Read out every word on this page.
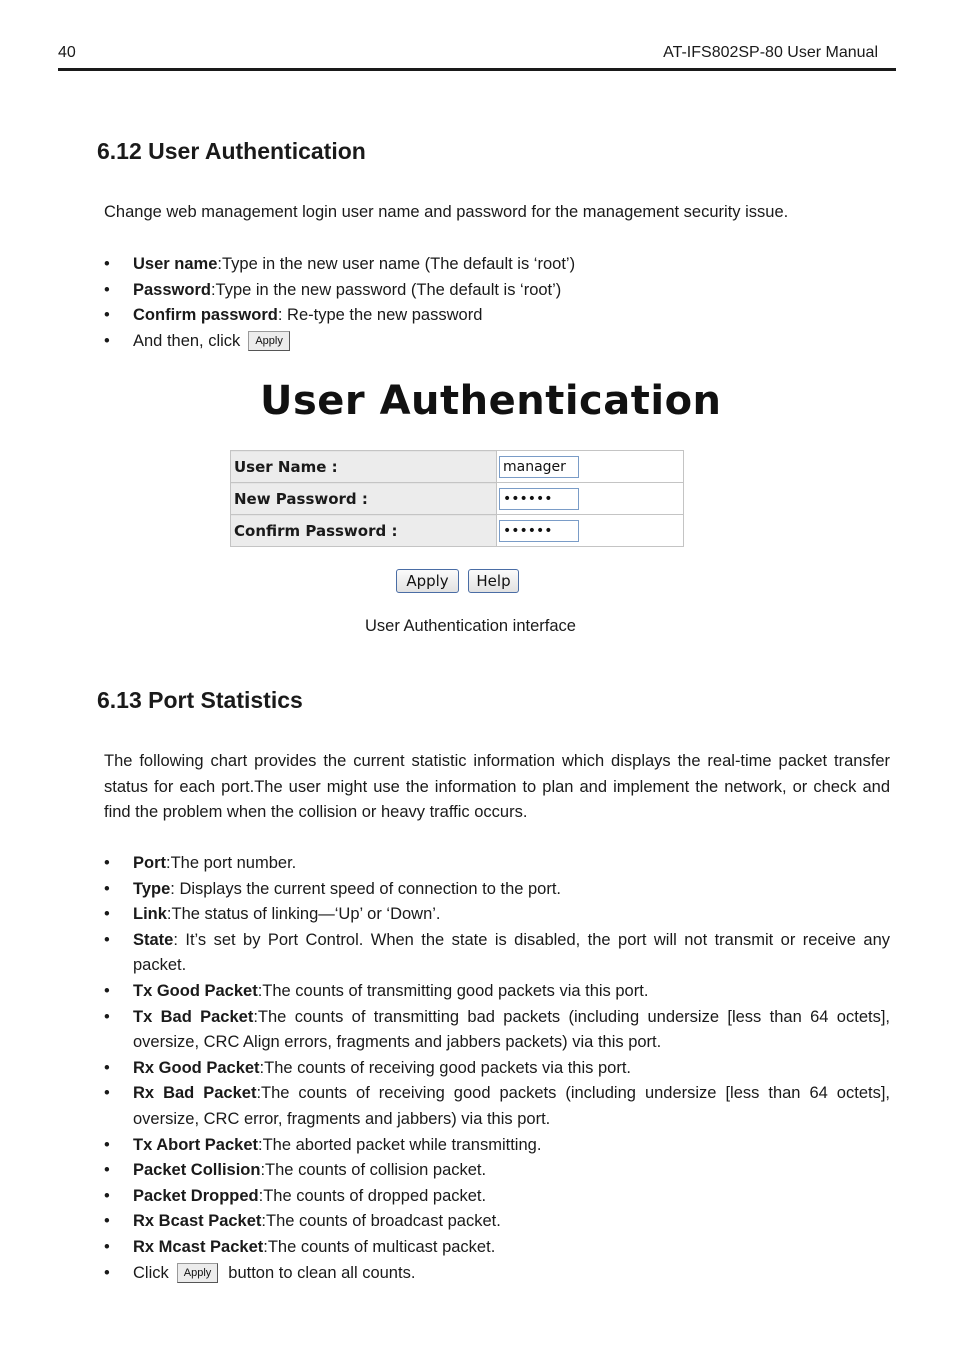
40	AT-IFS802SP-80 User Manual
6.12 User Authentication

Change web management login user name and password for the management security issue.

• User name:Type in the new user name (The default is ‘root’)
• Password:Type in the new password (The default is ‘root’)
• Confirm password: Re-type the new password
• And then, click Apply
User Authentication
User Name :	manager
New Password :	••••••
Confirm Password :	••••••
Apply	Help

User Authentication interface

6.13 Port Statistics

The following chart provides the current statistic information which displays the real-time packet transfer status for each port.The user might use the information to plan and implement the network, or check and find the problem when the collision or heavy traffic occurs.

• Port:The port number.
• Type: Displays the current speed of connection to the port.
• Link:The status of linking—‘Up’ or ‘Down’.
• State: It’s set by Port Control. When the state is disabled, the port will not transmit or receive any packet.
• Tx Good Packet:The counts of transmitting good packets via this port.
• Tx Bad Packet:The counts of transmitting bad packets (including undersize [less than 64 octets], oversize, CRC Align errors, fragments and jabbers packets) via this port.
• Rx Good Packet:The counts of receiving good packets via this port.
• Rx Bad Packet:The counts of receiving good packets (including undersize [less than 64 octets], oversize, CRC error, fragments and jabbers) via this port.
• Tx Abort Packet:The aborted packet while transmitting.
• Packet Collision:The counts of collision packet.
• Packet Dropped:The counts of dropped packet.
• Rx Bcast Packet:The counts of broadcast packet.
• Rx Mcast Packet:The counts of multicast packet.
• Click Apply button to clean all counts.
